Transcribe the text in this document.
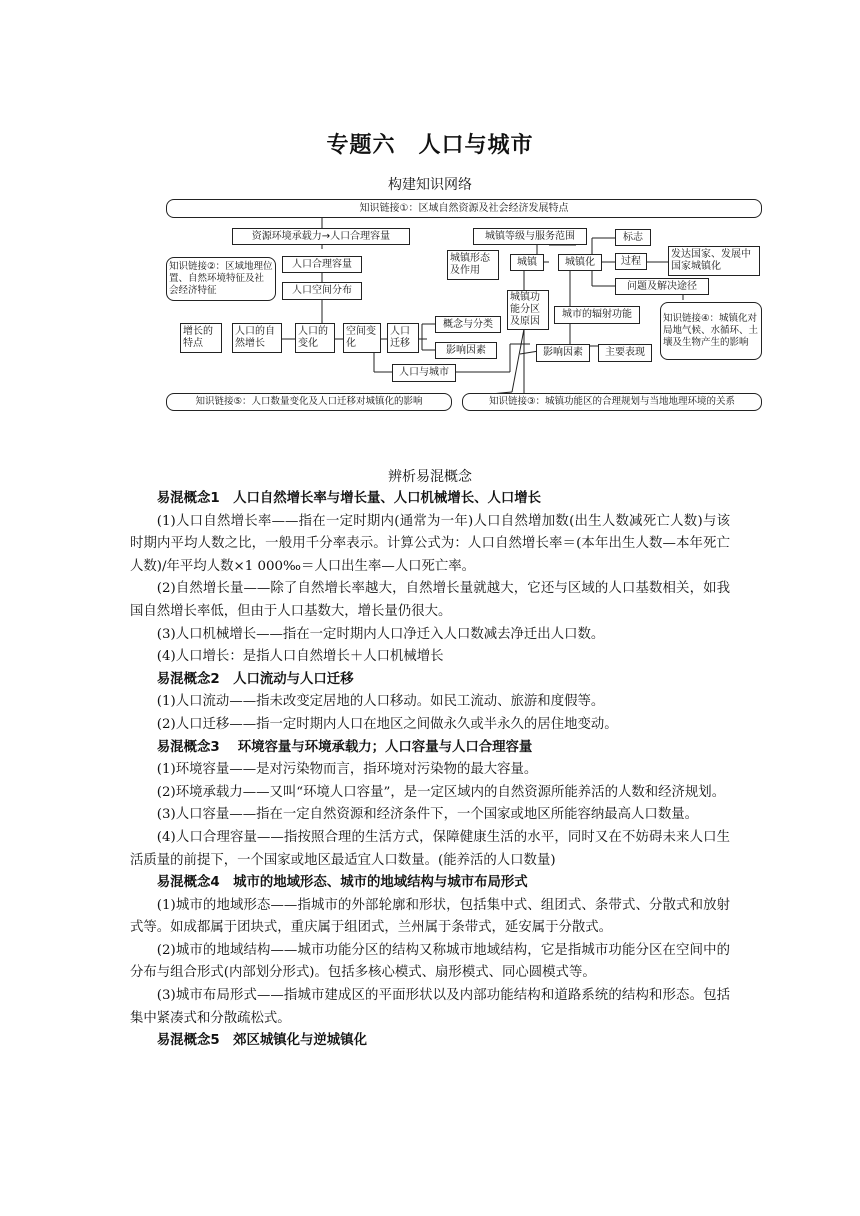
专题六　人口与城市
构建知识网络
知识链接①：区域自然资源及社会经济发展特点
资源环境承载力→人口合理容量
人口合理容量
知识链接②：区域地理位置、自然环境特征及社会经济特征	人口空间分布
增长的特点
人口的自然增长
人口的变化
空间变化
人口迁移
概念与分类
影响因素
人口与城市
知识链接⑤：人口数量变化及人口迁移对城镇化的影响
城镇等级与服务范围
城镇形态及作用
城镇	城镇化
城镇功能分区及原因
城市的辐射功能
影响因素	主要表现
标志
过程
发达国家、发展中国家城镇化
问题及解决途径
知识链接④：城镇化对局地气候、水循环、土壤及生物产生的影响
知识链接③：城镇功能区的合理规划与当地地理环境的关系
辨析易混概念

易混概念1　人口自然增长率与增长量、人口机械增长、人口增长

(1)人口自然增长率——指在一定时期内(通常为一年)人口自然增加数(出生人数减死亡人数)与该时期内平均人数之比，一般用千分率表示。计算公式为：人口自然增长率＝(本年出生人数—本年死亡人数)/年平均人数×1 000‰＝人口出生率—人口死亡率。

(2)自然增长量——除了自然增长率越大，自然增长量就越大，它还与区域的人口基数相关，如我国自然增长率低，但由于人口基数大，增长量仍很大。

(3)人口机械增长——指在一定时期内人口净迁入人口数减去净迁出人口数。

(4)人口增长：是指人口自然增长＋人口机械增长

易混概念2　人口流动与人口迁移

(1)人口流动——指未改变定居地的人口移动。如民工流动、旅游和度假等。

(2)人口迁移——指一定时期内人口在地区之间做永久或半永久的居住地变动。

易混概念3　 环境容量与环境承载力；人口容量与人口合理容量

(1)环境容量——是对污染物而言，指环境对污染物的最大容量。

(2)环境承载力——又叫“环境人口容量”，是一定区域内的自然资源所能养活的人数和经济规划。

(3)人口容量——指在一定自然资源和经济条件下，一个国家或地区所能容纳最高人口数量。

(4)人口合理容量——指按照合理的生活方式，保障健康生活的水平，同时又在不妨碍未来人口生活质量的前提下，一个国家或地区最适宜人口数量。(能养活的人口数量)

易混概念4　城市的地域形态、城市的地域结构与城市布局形式

(1)城市的地域形态——指城市的外部轮廓和形状，包括集中式、组团式、条带式、分散式和放射式等。如成都属于团块式，重庆属于组团式，兰州属于条带式，延安属于分散式。

(2)城市的地域结构——城市功能分区的结构又称城市地域结构，它是指城市功能分区在空间中的分布与组合形式(内部划分形式)。包括多核心模式、扇形模式、同心圆模式等。

(3)城市布局形式——指城市建成区的平面形状以及内部功能结构和道路系统的结构和形态。包括集中紧凑式和分散疏松式。

易混概念5　郊区城镇化与逆城镇化
